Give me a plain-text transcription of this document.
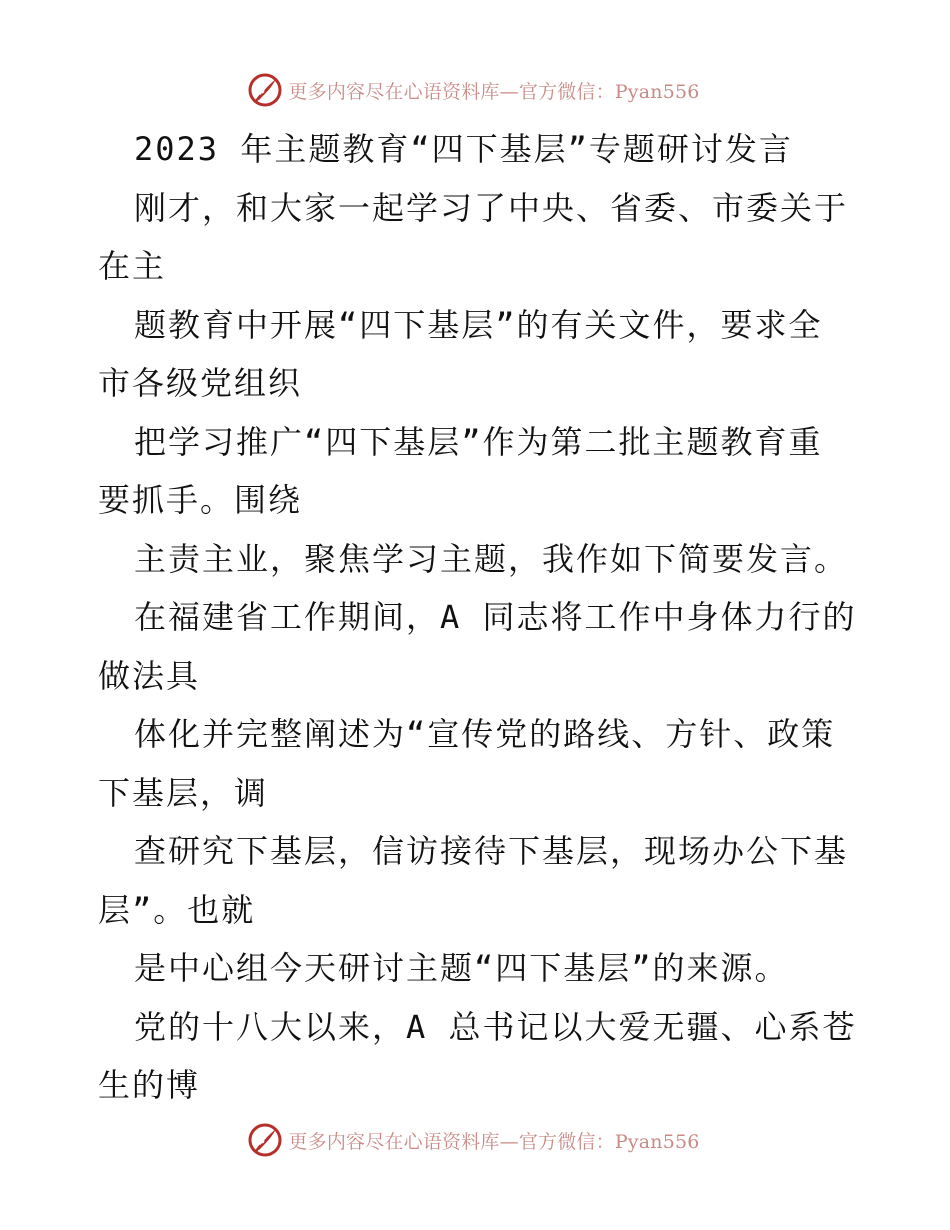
更多内容尽在心语资料库—官方微信：Pyan556
2023 年主题教育“四下基层”专题研讨发言
刚才，和大家一起学习了中央、省委、市委关于
在主
题教育中开展“四下基层”的有关文件，要求全
市各级党组织
把学习推广“四下基层”作为第二批主题教育重
要抓手。围绕
主责主业，聚焦学习主题，我作如下简要发言。
在福建省工作期间，A 同志将工作中身体力行的
做法具
体化并完整阐述为“宣传党的路线、方针、政策
下基层，调
查研究下基层，信访接待下基层，现场办公下基
层”。也就
是中心组今天研讨主题“四下基层”的来源。
党的十八大以来，A 总书记以大爱无疆、心系苍
生的博
更多内容尽在心语资料库—官方微信：Pyan556
